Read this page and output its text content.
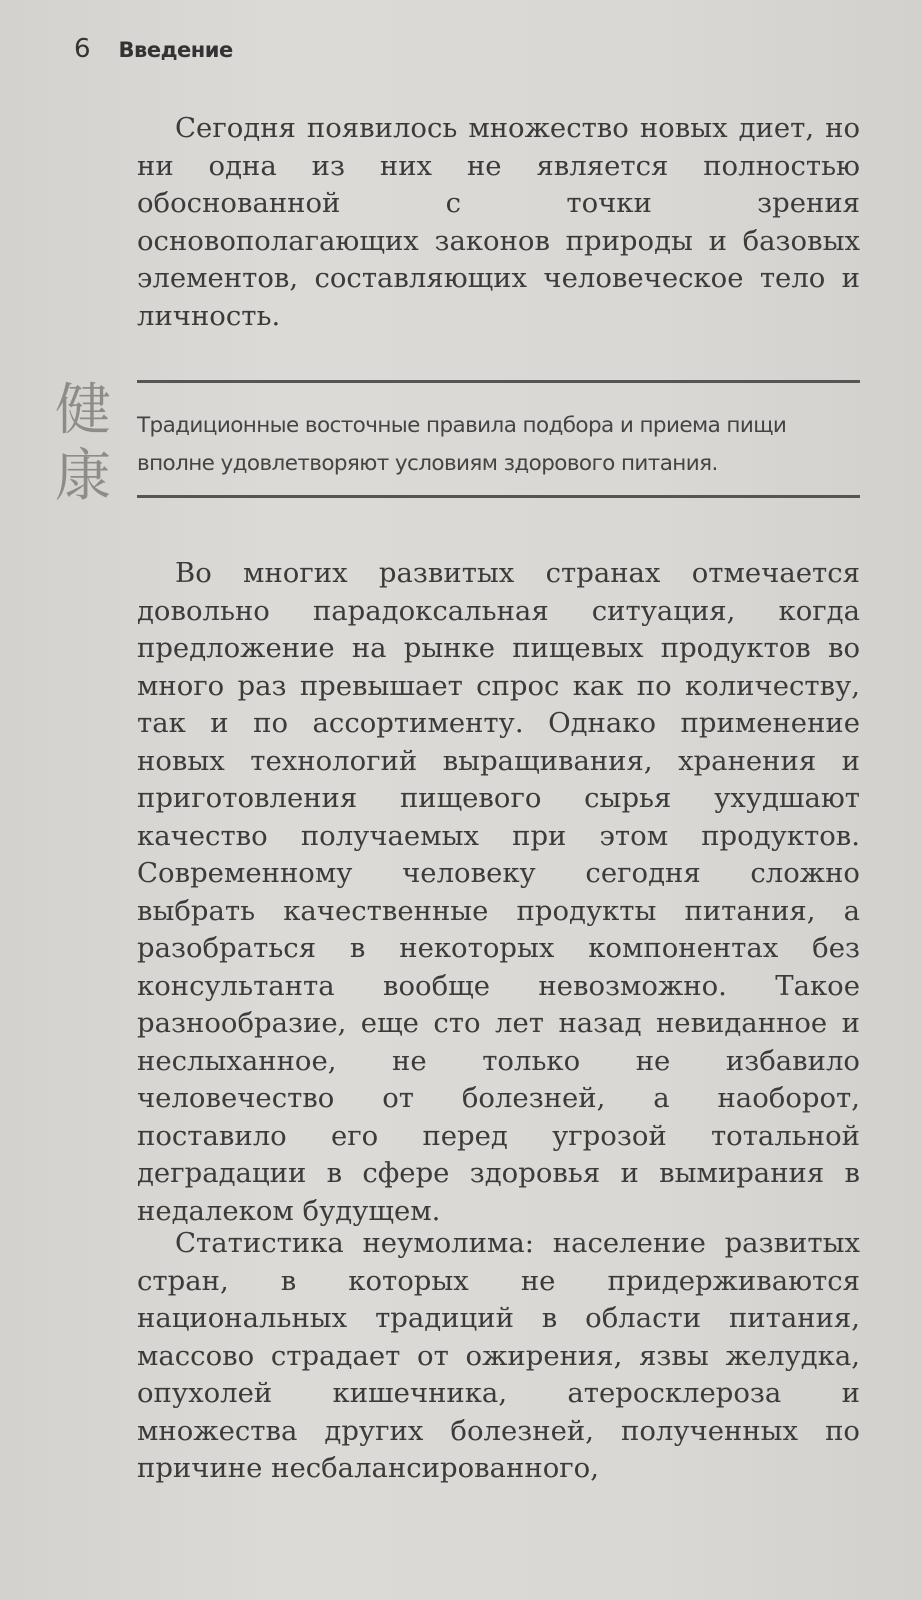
6 Введение

Сегодня появилось множество новых диет, но ни одна из них не является полностью обоснованной с точки зрения основополагающих законов природы и базовых элементов, составляющих человеческое тело и личность.

健
康

Традиционные восточные правила подбора и приема пищи вполне удовлетворяют условиям здорового питания.

Во многих развитых странах отмечается довольно парадоксальная ситуация, когда предложение на рынке пищевых продуктов во много раз превышает спрос как по количеству, так и по ассортименту. Однако применение новых технологий выращивания, хранения и приготовления пищевого сырья ухудшают качество получаемых при этом продуктов. Современному человеку сегодня сложно выбрать качественные продукты питания, а разобраться в некоторых компонентах без консультанта вообще невозможно. Такое разнообразие, еще сто лет назад невиданное и неслыханное, не только не избавило человечество от болезней, а наоборот, поставило его перед угрозой тотальной деградации в сфере здоровья и вымирания в недалеком будущем.

Статистика неумолима: население развитых стран, в которых не придерживаются национальных традиций в области питания, массово страдает от ожирения, язвы желудка, опухолей кишечника, атеросклероза и множества других болезней, полученных по причине несбалансированного,
